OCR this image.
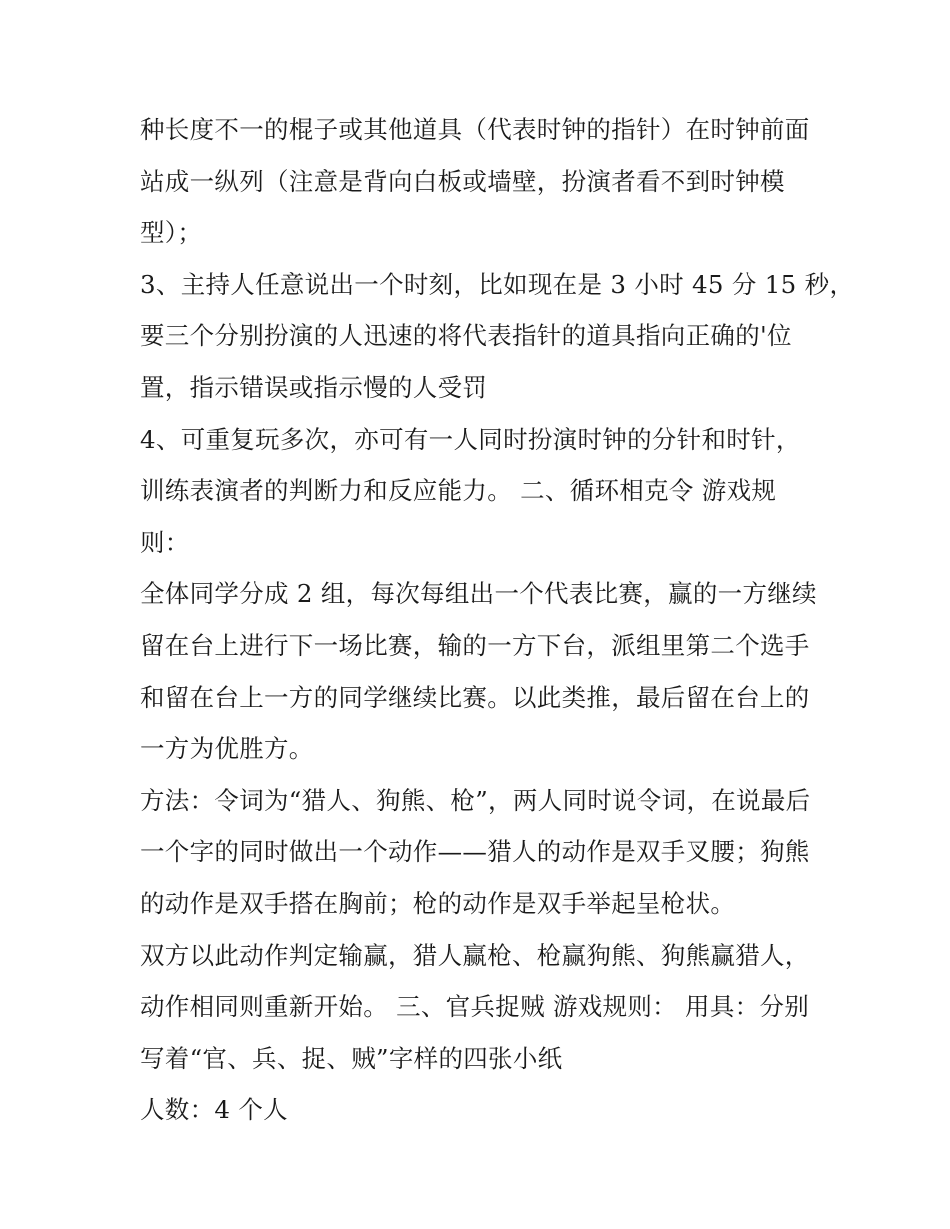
种长度不一的棍子或其他道具（代表时钟的指针）在时钟前面

站成一纵列（注意是背向白板或墙壁，扮演者看不到时钟模

型）；

3、主持人任意说出一个时刻，比如现在是 3 小时 45 分 15 秒，

要三个分别扮演的人迅速的将代表指针的道具指向正确的'位

置，指示错误或指示慢的人受罚

4、可重复玩多次，亦可有一人同时扮演时钟的分针和时针，

训练表演者的判断力和反应能力。 二、循环相克令 游戏规

则：

全体同学分成 2 组，每次每组出一个代表比赛，赢的一方继续

留在台上进行下一场比赛，输的一方下台，派组里第二个选手

和留在台上一方的同学继续比赛。以此类推，最后留在台上的

一方为优胜方。

方法：令词为“猎人、狗熊、枪”，两人同时说令词，在说最后

一个字的同时做出一个动作——猎人的动作是双手叉腰；狗熊

的动作是双手搭在胸前；枪的动作是双手举起呈枪状。

双方以此动作判定输赢，猎人赢枪、枪赢狗熊、狗熊赢猎人，

动作相同则重新开始。 三、官兵捉贼 游戏规则： 用具：分别

写着“官、兵、捉、贼”字样的四张小纸

人数：4 个人
